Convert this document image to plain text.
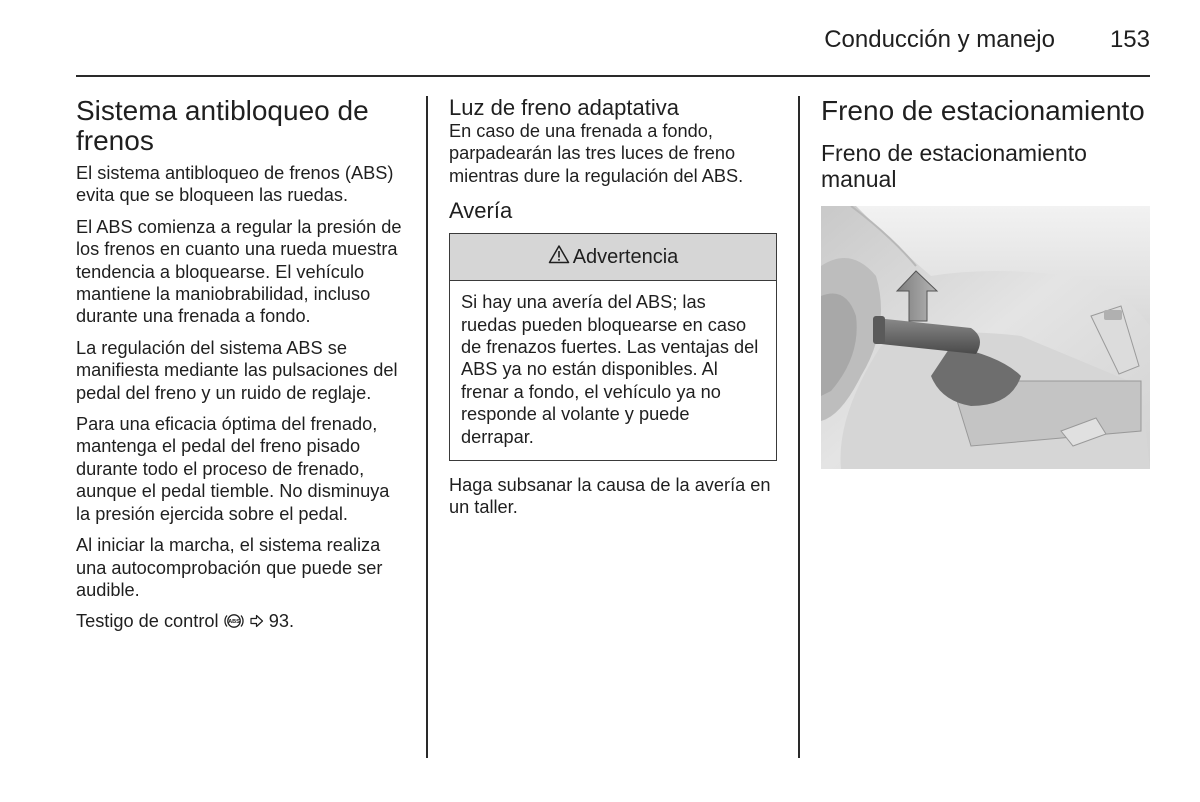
Conducción y manejo	153
Sistema antibloqueo de frenos

El sistema antibloqueo de frenos (ABS) evita que se bloqueen las ruedas.

El ABS comienza a regular la presión de los frenos en cuanto una rueda muestra tendencia a bloquearse. El vehículo mantiene la maniobrabilidad, incluso durante una frenada a fondo.

La regulación del sistema ABS se manifiesta mediante las pulsaciones del pedal del freno y un ruido de reglaje.

Para una eficacia óptima del frenado, mantenga el pedal del freno pisado durante todo el proceso de frenado, aunque el pedal tiemble. No disminuya la presión ejercida sobre el pedal.

Al iniciar la marcha, el sistema realiza una autocomprobación que puede ser audible.

Testigo de control ABS 93.

Luz de freno adaptativa

En caso de una frenada a fondo, parpadearán las tres luces de freno mientras dure la regulación del ABS.

Avería
Advertencia

Si hay una avería del ABS; las ruedas pueden bloquearse en caso de frenazos fuertes. Las ventajas del ABS ya no están disponibles. Al frenar a fondo, el vehículo ya no responde al volante y puede derrapar.

Haga subsanar la causa de la avería en un taller.

Freno de estacionamiento
Freno de estacionamiento manual
